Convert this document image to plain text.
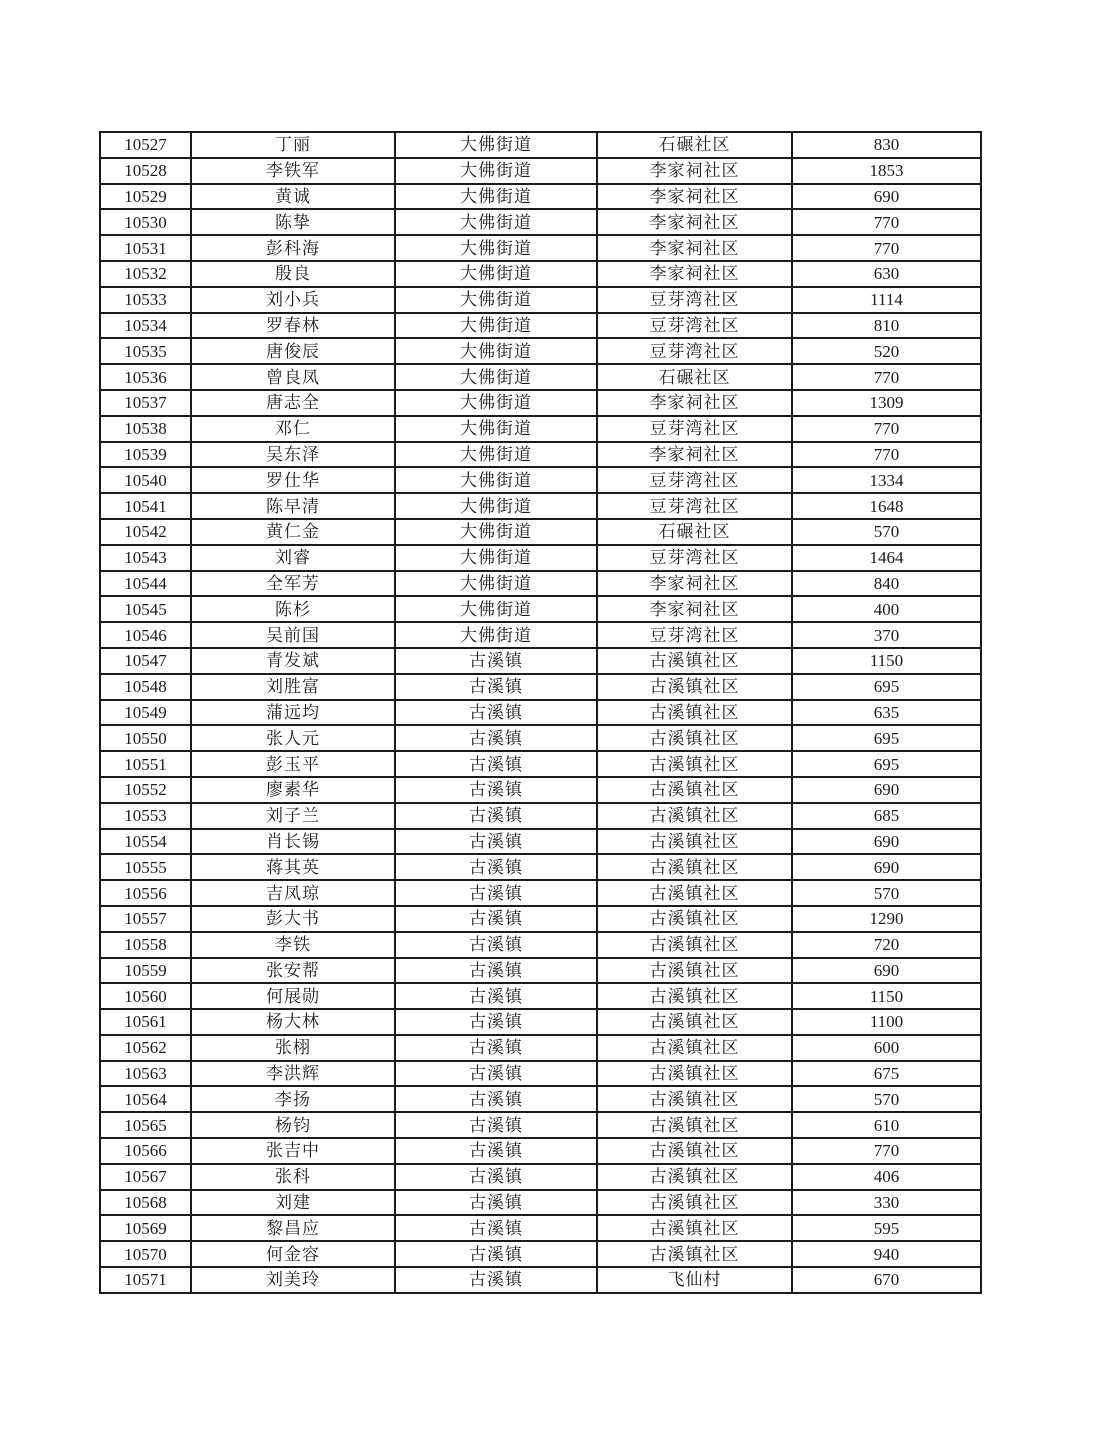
10527	丁丽	大佛街道	石碾社区	830
10528	李铁军	大佛街道	李家祠社区	1853
10529	黄诚	大佛街道	李家祠社区	690
10530	陈挚	大佛街道	李家祠社区	770
10531	彭科海	大佛街道	李家祠社区	770
10532	殷良	大佛街道	李家祠社区	630
10533	刘小兵	大佛街道	豆芽湾社区	1114
10534	罗春林	大佛街道	豆芽湾社区	810
10535	唐俊辰	大佛街道	豆芽湾社区	520
10536	曾良凤	大佛街道	石碾社区	770
10537	唐志全	大佛街道	李家祠社区	1309
10538	邓仁	大佛街道	豆芽湾社区	770
10539	吴东泽	大佛街道	李家祠社区	770
10540	罗仕华	大佛街道	豆芽湾社区	1334
10541	陈早清	大佛街道	豆芽湾社区	1648
10542	黄仁金	大佛街道	石碾社区	570
10543	刘睿	大佛街道	豆芽湾社区	1464
10544	全军芳	大佛街道	李家祠社区	840
10545	陈杉	大佛街道	李家祠社区	400
10546	吴前国	大佛街道	豆芽湾社区	370
10547	青发斌	古溪镇	古溪镇社区	1150
10548	刘胜富	古溪镇	古溪镇社区	695
10549	蒲远均	古溪镇	古溪镇社区	635
10550	张人元	古溪镇	古溪镇社区	695
10551	彭玉平	古溪镇	古溪镇社区	695
10552	廖素华	古溪镇	古溪镇社区	690
10553	刘子兰	古溪镇	古溪镇社区	685
10554	肖长锡	古溪镇	古溪镇社区	690
10555	蒋其英	古溪镇	古溪镇社区	690
10556	吉凤琼	古溪镇	古溪镇社区	570
10557	彭大书	古溪镇	古溪镇社区	1290
10558	李铁	古溪镇	古溪镇社区	720
10559	张安帮	古溪镇	古溪镇社区	690
10560	何展勋	古溪镇	古溪镇社区	1150
10561	杨大林	古溪镇	古溪镇社区	1100
10562	张栩	古溪镇	古溪镇社区	600
10563	李洪辉	古溪镇	古溪镇社区	675
10564	李扬	古溪镇	古溪镇社区	570
10565	杨钧	古溪镇	古溪镇社区	610
10566	张吉中	古溪镇	古溪镇社区	770
10567	张科	古溪镇	古溪镇社区	406
10568	刘建	古溪镇	古溪镇社区	330
10569	黎昌应	古溪镇	古溪镇社区	595
10570	何金容	古溪镇	古溪镇社区	940
10571	刘美玲	古溪镇	飞仙村	670
